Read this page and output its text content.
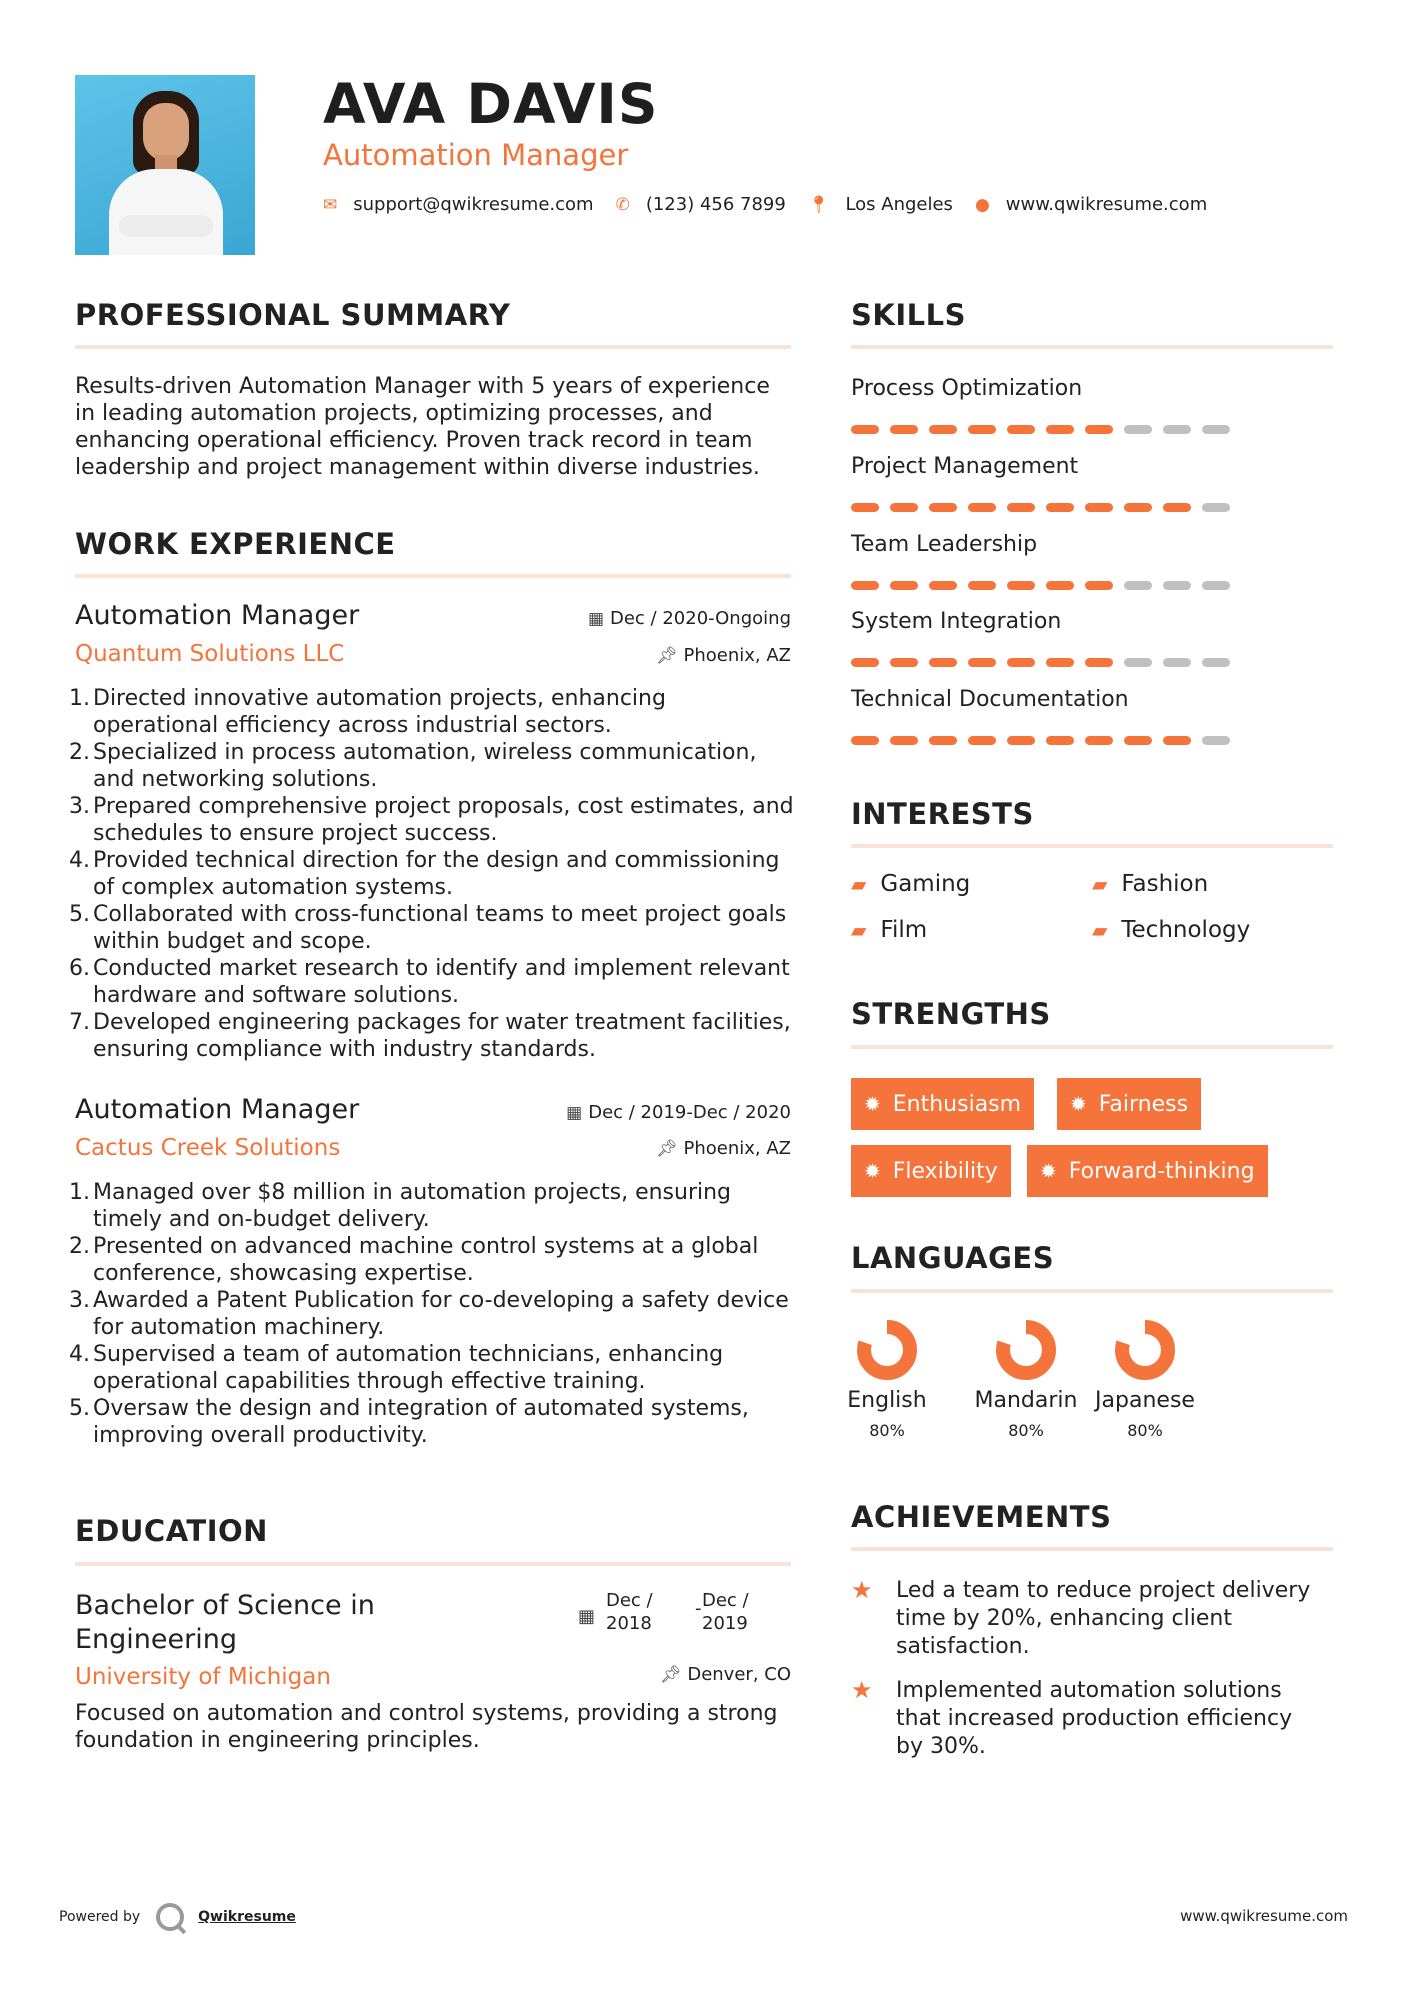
AVA DAVIS
Automation Manager
✉ support@qwikresume.com ✆ (123) 456 7899 📍︎ Los Angeles ● www.qwikresume.com
PROFESSIONAL SUMMARY
Results-driven Automation Manager with 5 years of experience in leading automation projects, optimizing processes, and enhancing operational efficiency. Proven track record in team leadership and project management within diverse industries.
WORK EXPERIENCE
Automation Manager	▦ Dec / 2020-Ongoing
Quantum Solutions LLC	📌︎ Phoenix, AZ
1. Directed innovative automation projects, enhancing operational efficiency across industrial sectors.
2. Specialized in process automation, wireless communication, and networking solutions.
3. Prepared comprehensive project proposals, cost estimates, and schedules to ensure project success.
4. Provided technical direction for the design and commissioning of complex automation systems.
5. Collaborated with cross-functional teams to meet project goals within budget and scope.
6. Conducted market research to identify and implement relevant hardware and software solutions.
7. Developed engineering packages for water treatment facilities, ensuring compliance with industry standards.
Automation Manager	▦ Dec / 2019-Dec / 2020
Cactus Creek Solutions	📌︎ Phoenix, AZ
1. Managed over $8 million in automation projects, ensuring timely and on-budget delivery.
2. Presented on advanced machine control systems at a global conference, showcasing expertise.
3. Awarded a Patent Publication for co-developing a safety device for automation machinery.
4. Supervised a team of automation technicians, enhancing operational capabilities through effective training.
5. Oversaw the design and integration of automated systems, improving overall productivity.
EDUCATION
Bachelor of Science in
Engineering
▦
Dec /
2018
- Dec /
2019
University of Michigan	📌︎ Denver, CO
Focused on automation and control systems, providing a strong foundation in engineering principles.
SKILLS
Process Optimization
Project Management
Team Leadership
System Integration
Technical Documentation
INTERESTS
▰ Gaming	▰ Fashion
▰ Film	▰ Technology
STRENGTHS
✹ Enthusiasm ✹ Fairness
✹ Flexibility ✹ Forward-thinking
LANGUAGES
English
80%
Mandarin
80%
Japanese
80%
ACHIEVEMENTS
★ Led a team to reduce project delivery time by 20%, enhancing client satisfaction.
★ Implemented automation solutions that increased production efficiency by 30%.
Powered by	Qwikresume	www.qwikresume.com
